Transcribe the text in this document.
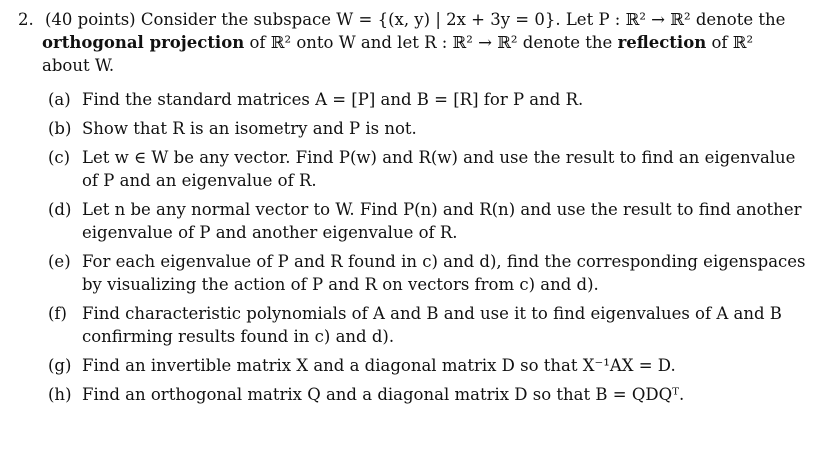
2. (40 points) Consider the subspace W = {(x, y) | 2x + 3y = 0}. Let P : ℝ² → ℝ² denote the
orthogonal projection of ℝ² onto W and let R : ℝ² → ℝ² denote the reflection of ℝ²
about W.
(a) Find the standard matrices A = [P] and B = [R] for P and R.
(b) Show that R is an isometry and P is not.
(c) Let w ∈ W be any vector. Find P(w) and R(w) and use the result to find an eigenvalue of P and an eigenvalue of R.
(d) Let n be any normal vector to W. Find P(n) and R(n) and use the result to find another eigenvalue of P and another eigenvalue of R.
(e) For each eigenvalue of P and R found in c) and d), find the corresponding eigenspaces by visualizing the action of P and R on vectors from c) and d).
(f) Find characteristic polynomials of A and B and use it to find eigenvalues of A and B confirming results found in c) and d).
(g) Find an invertible matrix X and a diagonal matrix D so that X⁻¹AX = D.
(h) Find an orthogonal matrix Q and a diagonal matrix D so that B = QDQᵀ.
